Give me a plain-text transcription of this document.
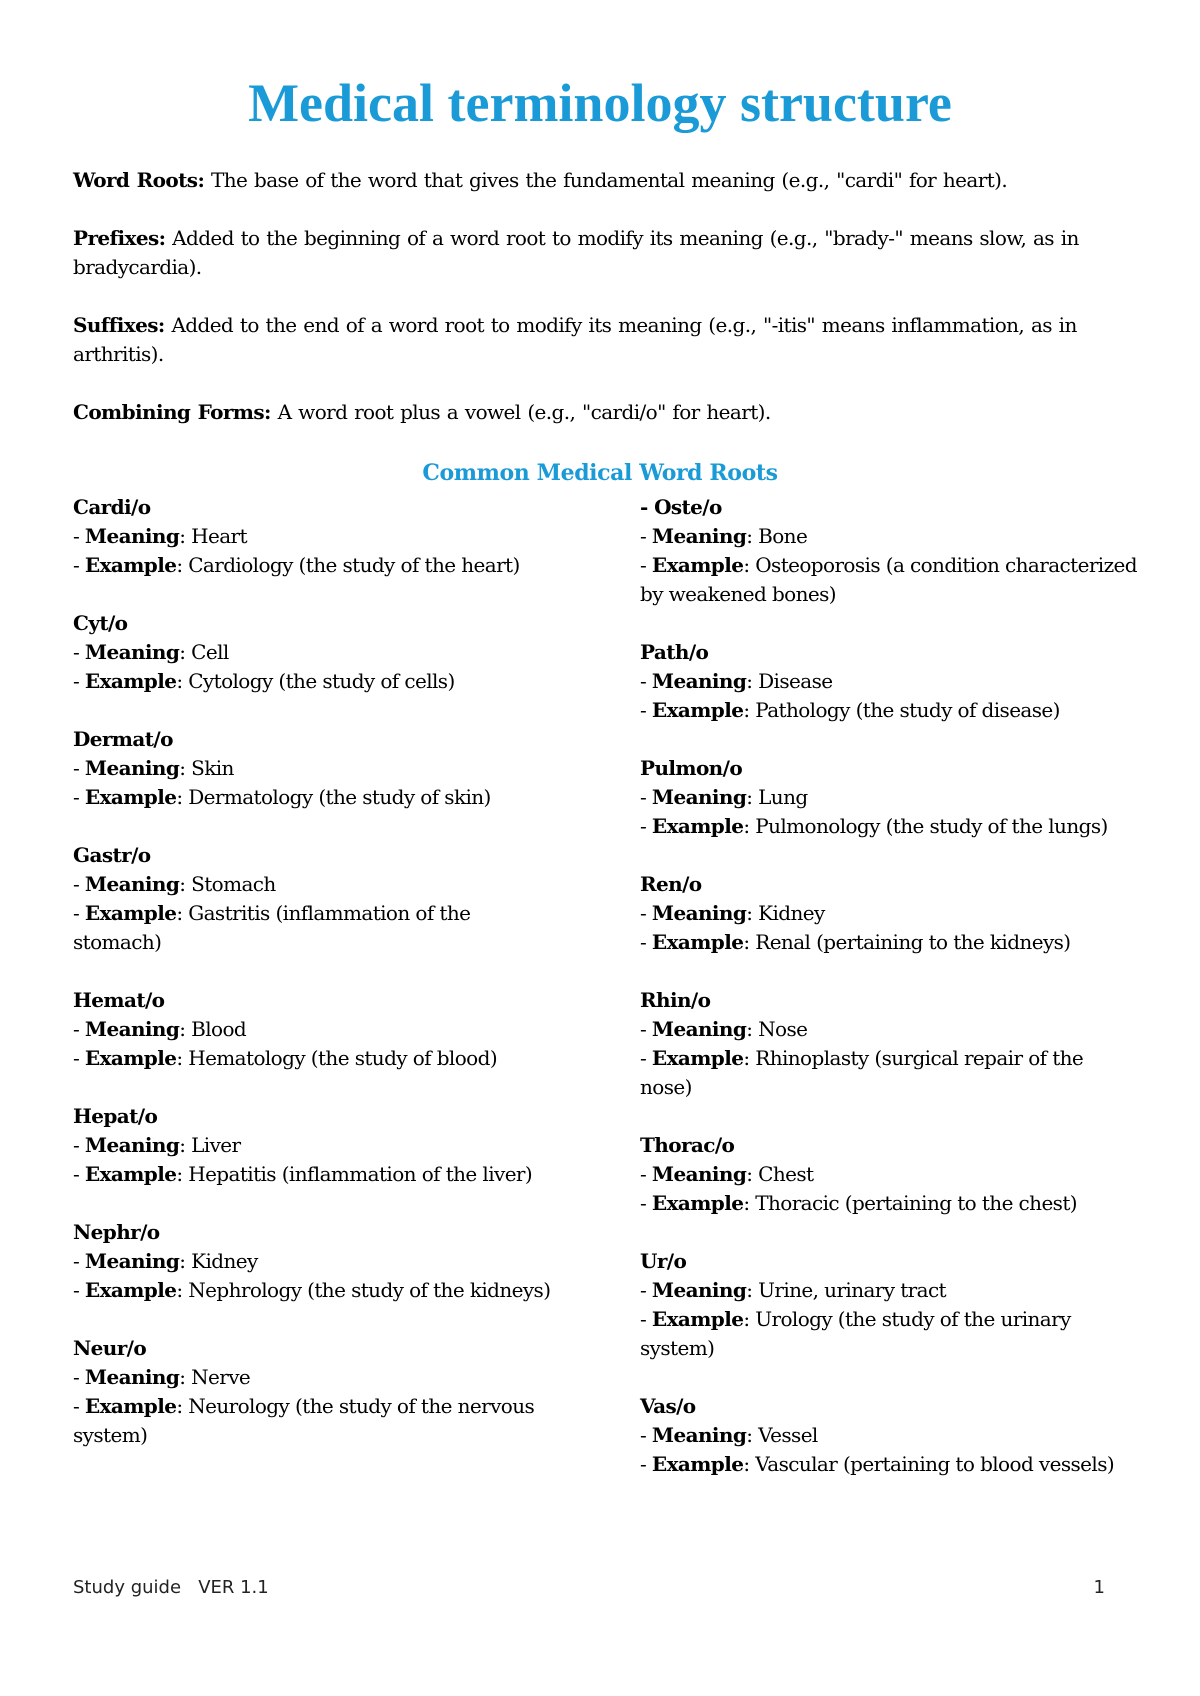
Medical terminology structure

Word Roots: The base of the word that gives the fundamental meaning (e.g., "cardi" for heart).

Prefixes: Added to the beginning of a word root to modify its meaning (e.g., "brady-" means slow, as in bradycardia).

Suffixes: Added to the end of a word root to modify its meaning (e.g., "-itis" means inflammation, as in arthritis).

Combining Forms: A word root plus a vowel (e.g., "cardi/o" for heart).

Common Medical Word Roots
Cardi/o
- Meaning: Heart
- Example: Cardiology (the study of the heart)
Cyt/o
- Meaning: Cell
- Example: Cytology (the study of cells)
Dermat/o
- Meaning: Skin
- Example: Dermatology (the study of skin)
Gastr/o
- Meaning: Stomach
- Example: Gastritis (inflammation of the stomach)
Hemat/o
- Meaning: Blood
- Example: Hematology (the study of blood)
Hepat/o
- Meaning: Liver
- Example: Hepatitis (inflammation of the liver)
Nephr/o
- Meaning: Kidney
- Example: Nephrology (the study of the kidneys)
Neur/o
- Meaning: Nerve
- Example: Neurology (the study of the nervous system)
- Oste/o
- Meaning: Bone
- Example: Osteoporosis (a condition characterized by weakened bones)
Path/o
- Meaning: Disease
- Example: Pathology (the study of disease)
Pulmon/o
- Meaning: Lung
- Example: Pulmonology (the study of the lungs)
Ren/o
- Meaning: Kidney
- Example: Renal (pertaining to the kidneys)
Rhin/o
- Meaning: Nose
- Example: Rhinoplasty (surgical repair of the nose)
Thorac/o
- Meaning: Chest
- Example: Thoracic (pertaining to the chest)
Ur/o
- Meaning: Urine, urinary tract
- Example: Urology (the study of the urinary system)
Vas/o
- Meaning: Vessel
- Example: Vascular (pertaining to blood vessels)
Study guide   VER 1.1	1
